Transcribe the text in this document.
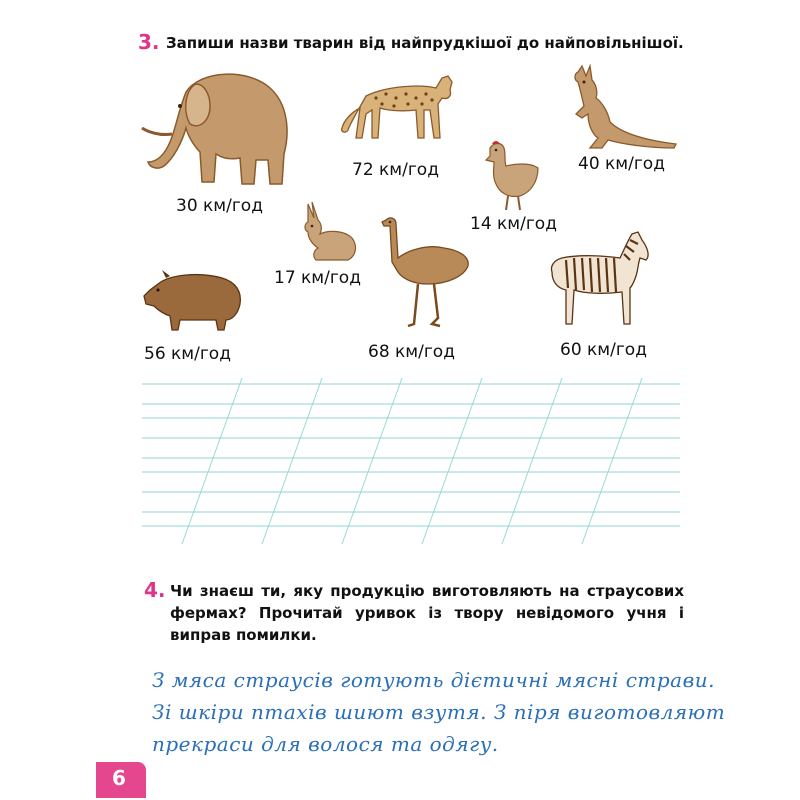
3. Запиши назви тварин від найпрудкішої до найповільнішої.
30 км/год
72 км/год	40 км/год
14 км/год
17 км/год
68 км/год
56 км/год	60 км/год
4. Чи знаєш ти, яку продукцію виготовляють на страусових фермах? Прочитай уривок із твору невідомого учня і виправ помилки.
З мяса страусів готують дієтичні мясні страви.
Зі шкіри птахів шиют взутя. З піря виготовляют
прекраси для волося та одягу.
6
